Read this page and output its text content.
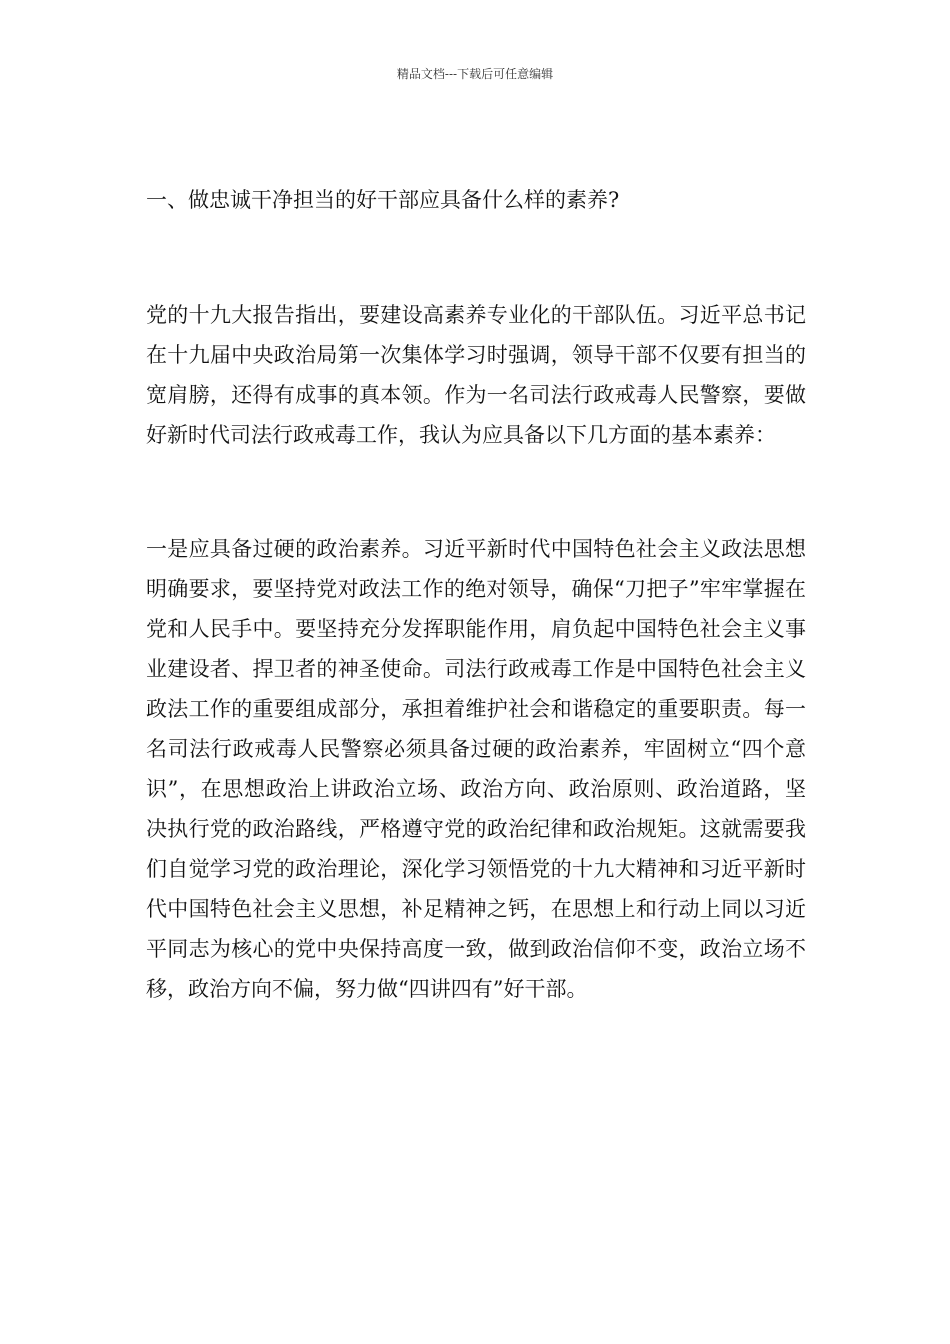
精品文档---下载后可任意编辑
一、做忠诚干净担当的好干部应具备什么样的素养?

党的十九大报告指出，要建设高素养专业化的干部队伍。习近平总书记在十九届中央政治局第一次集体学习时强调，领导干部不仅要有担当的宽肩膀，还得有成事的真本领。作为一名司法行政戒毒人民警察，要做好新时代司法行政戒毒工作，我认为应具备以下几方面的基本素养：

一是应具备过硬的政治素养。习近平新时代中国特色社会主义政法思想明确要求，要坚持党对政法工作的绝对领导，确保“刀把子”牢牢掌握在党和人民手中。要坚持充分发挥职能作用，肩负起中国特色社会主义事业建设者、捍卫者的神圣使命。司法行政戒毒工作是中国特色社会主义政法工作的重要组成部分，承担着维护社会和谐稳定的重要职责。每一名司法行政戒毒人民警察必须具备过硬的政治素养，牢固树立“四个意识”，在思想政治上讲政治立场、政治方向、政治原则、政治道路，坚决执行党的政治路线，严格遵守党的政治纪律和政治规矩。这就需要我们自觉学习党的政治理论，深化学习领悟党的十九大精神和习近平新时代中国特色社会主义思想，补足精神之钙，在思想上和行动上同以习近平同志为核心的党中央保持高度一致，做到政治信仰不变，政治立场不移，政治方向不偏，努力做“四讲四有”好干部。
